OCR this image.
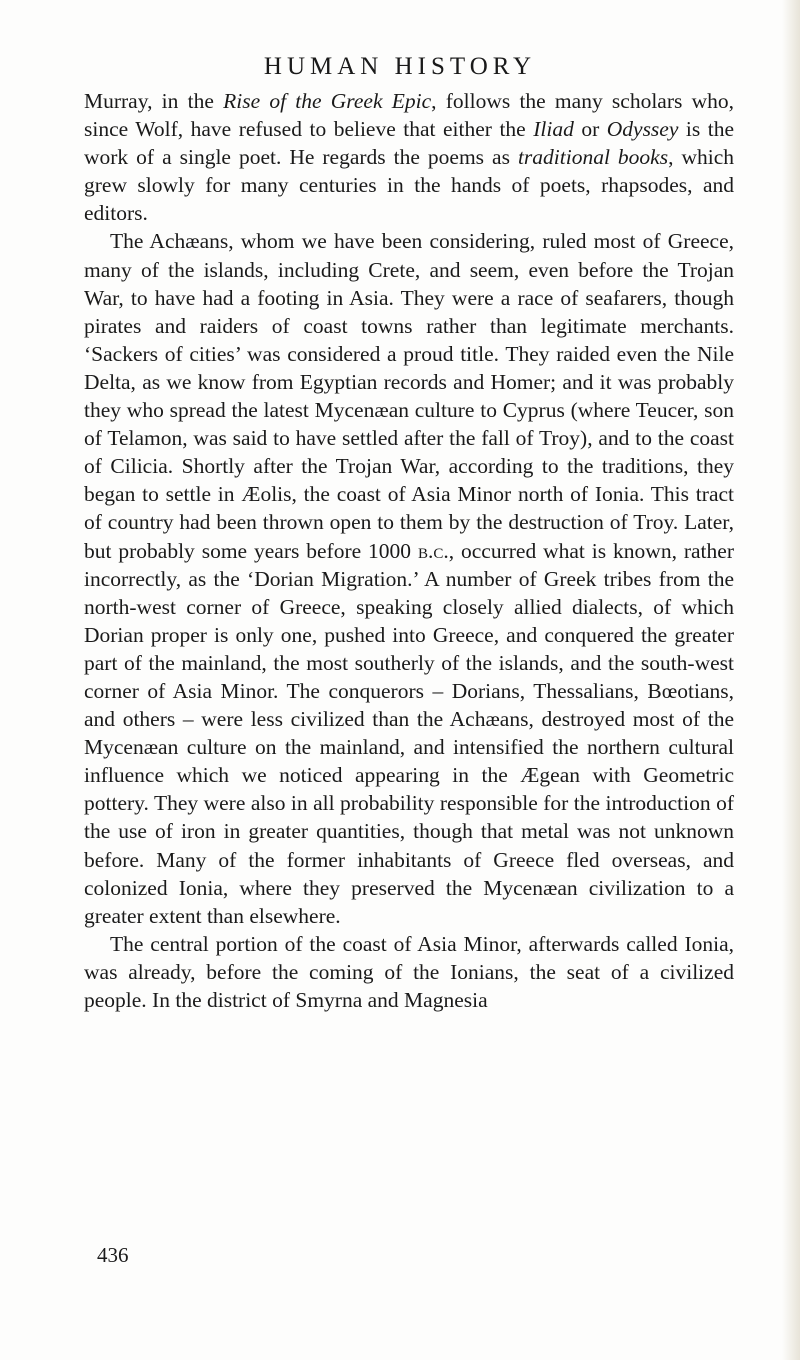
HUMAN HISTORY

Murray, in the Rise of the Greek Epic, follows the many scholars who, since Wolf, have refused to believe that either the Iliad or Odyssey is the work of a single poet. He regards the poems as traditional books, which grew slowly for many centuries in the hands of poets, rhapsodes, and editors.

The Achæans, whom we have been considering, ruled most of Greece, many of the islands, including Crete, and seem, even before the Trojan War, to have had a footing in Asia. They were a race of seafarers, though pirates and raiders of coast towns rather than legitimate merchants. ‘Sackers of cities’ was considered a proud title. They raided even the Nile Delta, as we know from Egyptian records and Homer; and it was probably they who spread the latest Mycenæan culture to Cyprus (where Teucer, son of Telamon, was said to have settled after the fall of Troy), and to the coast of Cilicia. Shortly after the Trojan War, according to the traditions, they began to settle in Æolis, the coast of Asia Minor north of Ionia. This tract of country had been thrown open to them by the destruction of Troy. Later, but probably some years before 1000 b.c., occurred what is known, rather incorrectly, as the ‘Dorian Migration.’ A number of Greek tribes from the north-west corner of Greece, speaking closely allied dialects, of which Dorian proper is only one, pushed into Greece, and conquered the greater part of the mainland, the most southerly of the islands, and the south-west corner of Asia Minor. The conquerors – Dorians, Thessalians, Bœotians, and others – were less civilized than the Achæans, destroyed most of the Mycenæan culture on the mainland, and intensified the northern cultural influence which we noticed appearing in the Ægean with Geometric pottery. They were also in all probability responsible for the introduction of the use of iron in greater quantities, though that metal was not unknown before. Many of the former inhabitants of Greece fled overseas, and colonized Ionia, where they preserved the Mycenæan civilization to a greater extent than elsewhere.

The central portion of the coast of Asia Minor, afterwards called Ionia, was already, before the coming of the Ionians, the seat of a civilized people. In the district of Smyrna and Magnesia

436
